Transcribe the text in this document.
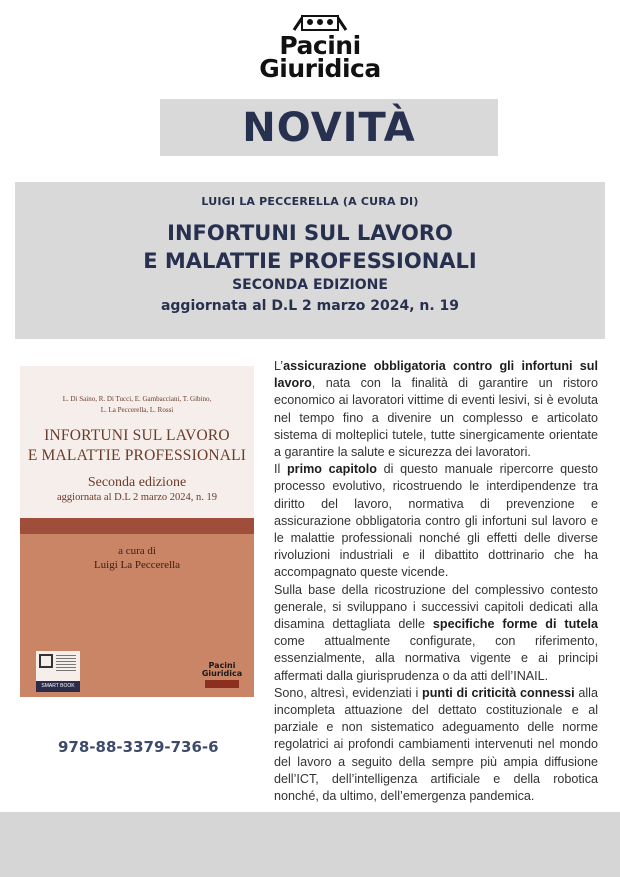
Pacini
Giuridica
NOVITÀ
LUIGI LA PECCERELLA (A CURA DI)
INFORTUNI SUL LAVORO
E MALATTIE PROFESSIONALI
SECONDA EDIZIONE
aggiornata al D.L 2 marzo 2024, n. 19
L. Di Saino, R. Di Tucci, E. Gambacciani, T. Gibino,
L. La Peccerella, L. Rossi
INFORTUNI SUL LAVORO
E MALATTIE PROFESSIONALI
Seconda edizione
aggiornata al D.L 2 marzo 2024, n. 19
a cura di
Luigi La Peccerella
SMART BOOK
Pacini
Giuridica
978-88-3379-736-6

L’assicurazione obbligatoria contro gli infortuni sul lavoro, nata con la finalità di garantire un ristoro economico ai lavoratori vittime di eventi lesivi, si è evoluta nel tempo fino a divenire un complesso e articolato sistema di molteplici tutele, tutte sinergicamente orientate a garantire la salute e sicurezza dei lavoratori.

Il primo capitolo di questo manuale ripercorre questo processo evolutivo, ricostruendo le interdipendenze tra diritto del lavoro, normativa di prevenzione e assicurazione obbligatoria contro gli infortuni sul lavoro e le malattie professionali nonché gli effetti delle diverse rivoluzioni industriali e il dibattito dottrinario che ha accompagnato queste vicende.

Sulla base della ricostruzione del complessivo contesto generale, si sviluppano i successivi capitoli dedicati alla disamina dettagliata delle specifiche forme di tutela come attualmente configurate, con riferimento, essenzialmente, alla normativa vigente e ai principi affermati dalla giurisprudenza o da atti dell’INAIL.

Sono, altresì, evidenziati i punti di criticità connessi alla incompleta attuazione del dettato costituzionale e al parziale e non sistematico adeguamento delle norme regolatrici ai profondi cambiamenti intervenuti nel mondo del lavoro a seguito della sempre più ampia diffusione dell’ICT, dell’intelligenza artificiale e della robotica nonché, da ultimo, dell’emergenza pandemica.
